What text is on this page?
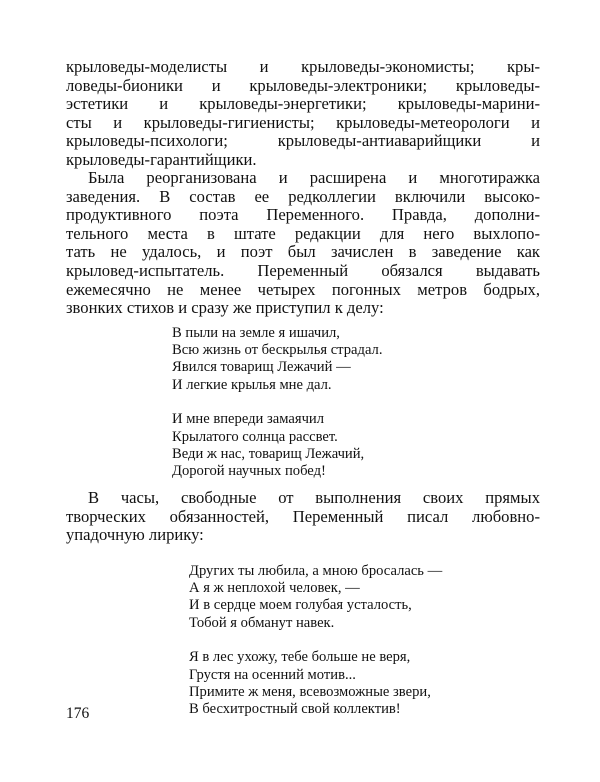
крыловеды-моделисты и крыловеды-экономисты; кры-
ловеды-бионики и крыловеды-электроники; крыловеды-
эстетики и крыловеды-энергетики; крыловеды-марини-
сты и крыловеды-гигиенисты; крыловеды-метеорологи и
крыловеды-психологи; крыловеды-антиаварийщики и
крыловеды-гарантийщики.
Была реорганизована и расширена и многотиражка
заведения. В состав ее редколлегии включили высоко-
продуктивного поэта Переменного. Правда, дополни-
тельного места в штате редакции для него выхлопо-
тать не удалось, и поэт был зачислен в заведение как
крыловед-испытатель. Переменный обязался выдавать
ежемесячно не менее четырех погонных метров бодрых,
звонких стихов и сразу же приступил к делу:
В пыли на земле я ишачил,
Всю жизнь от бескрылья страдал.
Явился товарищ Лежачий —
И легкие крылья мне дал.
И мне впереди замаячил
Крылатого солнца рассвет.
Веди ж нас, товарищ Лежачий,
Дорогой научных побед!
В часы, свободные от выполнения своих прямых
творческих обязанностей, Переменный писал любовно-
упадочную лирику:
Других ты любила, а мною бросалась —
А я ж неплохой человек, —
И в сердце моем голубая усталость,
Тобой я обманут навек.
Я в лес ухожу, тебе больше не веря,
Грустя на осенний мотив...
Примите ж меня, всевозможные звери,
В бесхитростный свой коллектив!
176
